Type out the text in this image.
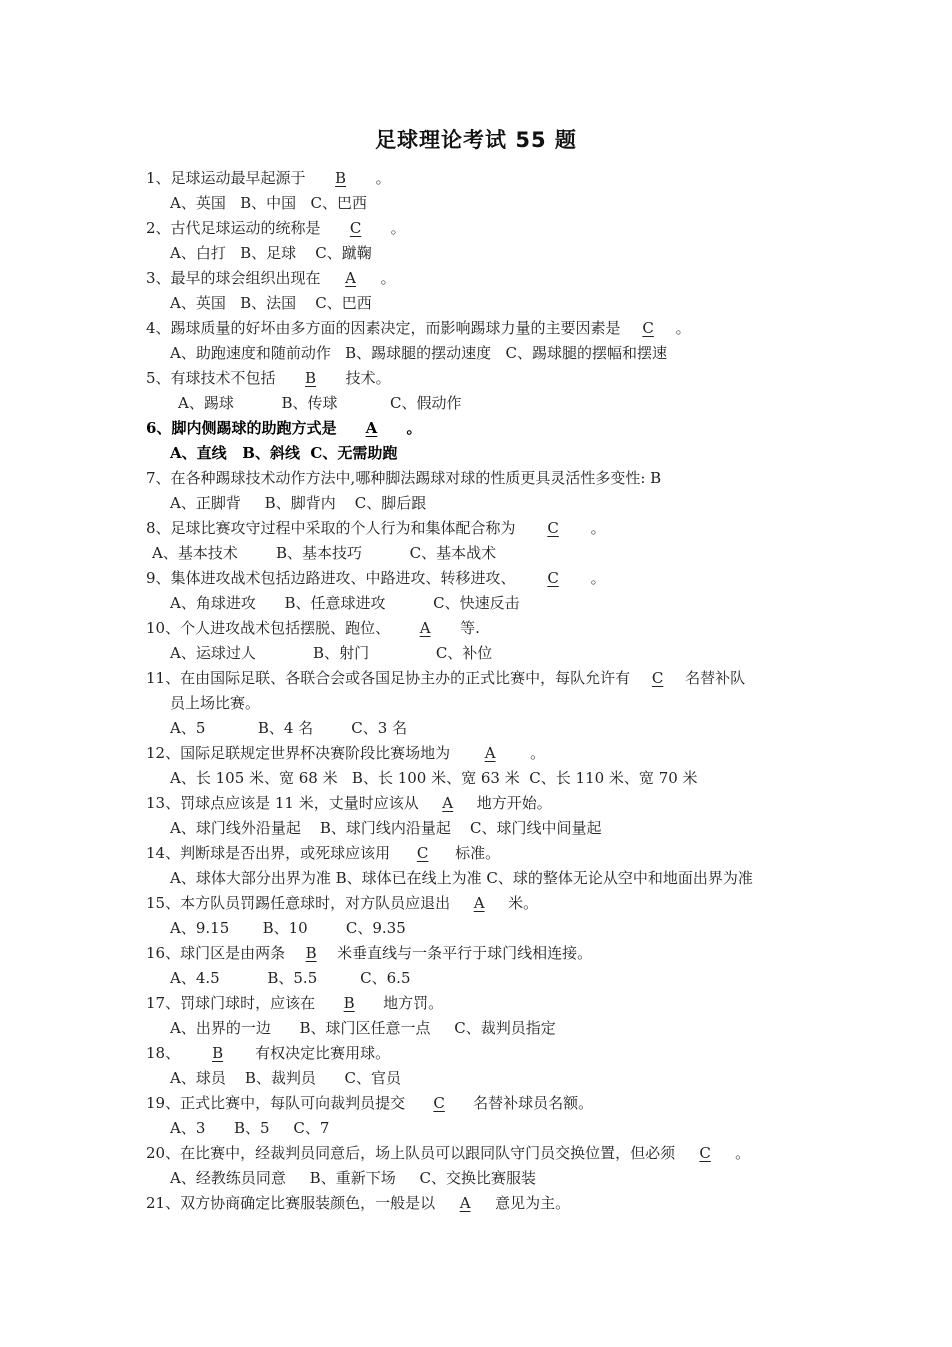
足球理论考试 55 题
1、足球运动最早起源于 B 。
A、英国   B、中国   C、巴西
2、古代足球运动的统称是 C 。
A、白打   B、足球    C、蹴鞠
3、最早的球会组织出现在 A 。
A、英国   B、法国    C、巴西
4、踢球质量的好坏由多方面的因素决定，而影响踢球力量的主要因素是 C 。
A、助跑速度和随前动作   B、踢球腿的摆动速度   C、踢球腿的摆幅和摆速
5、有球技术不包括 B 技术。
A、踢球          B、传球           C、假动作
6、脚内侧踢球的助跑方式是 A 。
A、直线   B、斜线  C、无需助跑
7、在各种踢球技术动作方法中,哪种脚法踢球对球的性质更具灵活性多变性: B
A、正脚背     B、脚背内    C、脚后跟
8、足球比赛攻守过程中采取的个人行为和集体配合称为 C 。
A、基本技术        B、基本技巧          C、基本战术
9、集体进攻战术包括边路进攻、中路进攻、转移进攻、 C 。
A、角球进攻      B、任意球进攻          C、快速反击
10、个人进攻战术包括摆脱、跑位、 A 等.
A、运球过人            B、射门              C、补位
11、在由国际足联、各联合会或各国足协主办的正式比赛中，每队允许有 C 名替补队
员上场比赛。
A、5           B、4 名        C、3 名
12、国际足联规定世界杯决赛阶段比赛场地为 A 。
A、长 105 米、宽 68 米   B、长 100 米、宽 63 米  C、长 110 米、宽 70 米
13、罚球点应该是 11 米，丈量时应该从 A 地方开始。
A、球门线外沿量起    B、球门线内沿量起    C、球门线中间量起
14、判断球是否出界，或死球应该用 C 标准。
A、球体大部分出界为准 B、球体已在线上为准 C、球的整体无论从空中和地面出界为准
15、本方队员罚踢任意球时，对方队员应退出 A 米。
A、9.15       B、10        C、9.35
16、球门区是由两条 B 米垂直线与一条平行于球门线相连接。
A、4.5          B、5.5         C、6.5
17、罚球门球时，应该在 B 地方罚。
A、出界的一边      B、球门区任意一点     C、裁判员指定
18、 B 有权决定比赛用球。
A、球员    B、裁判员      C、官员
19、正式比赛中，每队可向裁判员提交 C 名替补球员名额。
A、3      B、5     C、7
20、在比赛中，经裁判员同意后，场上队员可以跟同队守门员交换位置，但必须 C 。
A、经教练员同意     B、重新下场     C、交换比赛服装
21、双方协商确定比赛服装颜色，一般是以 A 意见为主。
